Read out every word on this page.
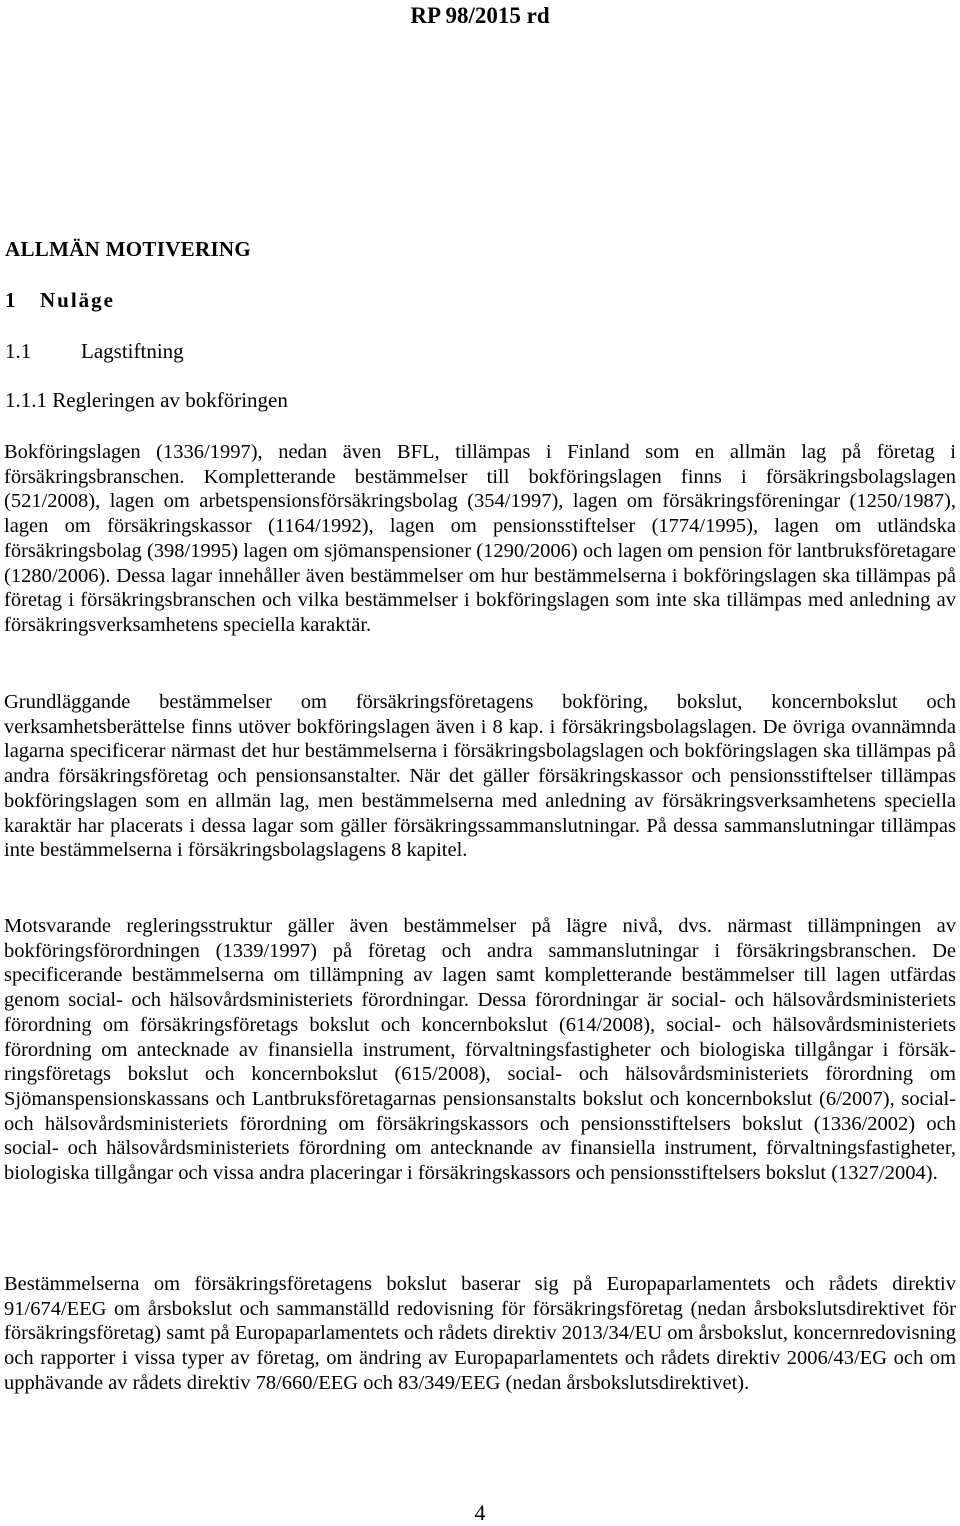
RP 98/2015 rd
ALLMÄN MOTIVERING
1 Nuläge
1.1 Lagstiftning
1.1.1 Regleringen av bokföringen

Bokföringslagen (1336/1997), nedan även BFL, tillämpas i Finland som en allmän lag på företag i försäkringsbranschen. Kompletterande bestämmelser till bokföringslagen finns i försäkringsbolagslagen (521/2008), lagen om arbetspensionsförsäkringsbolag (354/1997), lagen om försäkringsföreningar (1250/1987), lagen om försäkringskassor (1164/1992), lagen om pensionsstiftelser (1774/1995), lagen om utländska försäkringsbolag (398/1995) lagen om sjömanspensioner (1290/2006) och lagen om pension för lantbruksföretagare (1280/2006). Dessa lagar innehåller även bestämmelser om hur bestämmelserna i bokföringslagen ska tillämpas på företag i försäkringsbranschen och vilka bestämmelser i bokföringslagen som inte ska tillämpas med anledning av försäkringsverksamhetens speciella karaktär.

Grundläggande bestämmelser om försäkringsföretagens bokföring, bokslut, koncernbokslut och verksamhetsberättelse finns utöver bokföringslagen även i 8 kap. i försäkringsbolagslagen. De övriga ovannämnda lagarna specificerar närmast det hur bestämmelserna i försäkringsbolagslagen och bokföringslagen ska tillämpas på andra försäkringsföretag och pensionsanstalter. När det gäller försäkringskassor och pensionsstiftelser tillämpas bokföringslagen som en allmän lag, men bestämmelserna med anledning av försäkringsverksamhetens speciella karaktär har placerats i dessa lagar som gäller försäkringssammanslutningar. På dessa sammanslutningar tillämpas inte bestämmelserna i försäkringsbolagslagens 8 kapitel.

Motsvarande regleringsstruktur gäller även bestämmelser på lägre nivå, dvs. närmast tillämpningen av bokföringsförordningen (1339/1997) på företag och andra sammanslutningar i försäkringsbranschen. De specificerande bestämmelserna om tillämpning av lagen samt kompletterande bestämmelser till lagen utfärdas genom social- och hälsovårdsministeriets förordningar. Dessa förordningar är social- och hälsovårdsministeriets förordning om försäkringsföretags bokslut och koncernbokslut (614/2008), social- och hälsovårdsministeriets förordning om antecknade av finansiella instrument, förvaltningsfastigheter och biologiska tillgångar i försäkringsföretags bokslut och koncernbokslut (615/2008), social- och hälsovårdsministeriets förordning om Sjömanspensionskassans och Lantbruksföretagarnas pensionsanstalts bokslut och koncernbokslut (6/2007), social- och hälsovårdsministeriets förordning om försäkringskassors och pensionsstiftelsers bokslut (1336/2002) och social- och hälsovårdsministeriets förordning om antecknande av finansiella instrument, förvaltningsfastigheter, biologiska tillgångar och vissa andra placeringar i försäkringskassors och pensionsstiftelsers bokslut (1327/2004).

Bestämmelserna om försäkringsföretagens bokslut baserar sig på Europaparlamentets och rådets direktiv 91/674/EEG om årsbokslut och sammanställd redovisning för försäkringsföretag (nedan årsbokslutsdirektivet för försäkringsföretag) samt på Europaparlamentets och rådets direktiv 2013/34/EU om årsbokslut, koncernredovisning och rapporter i vissa typer av företag, om ändring av Europaparlamentets och rådets direktiv 2006/43/EG och om upphävande av rådets direktiv 78/660/EEG och 83/349/EEG (nedan årsbokslutsdirektivet).

4
